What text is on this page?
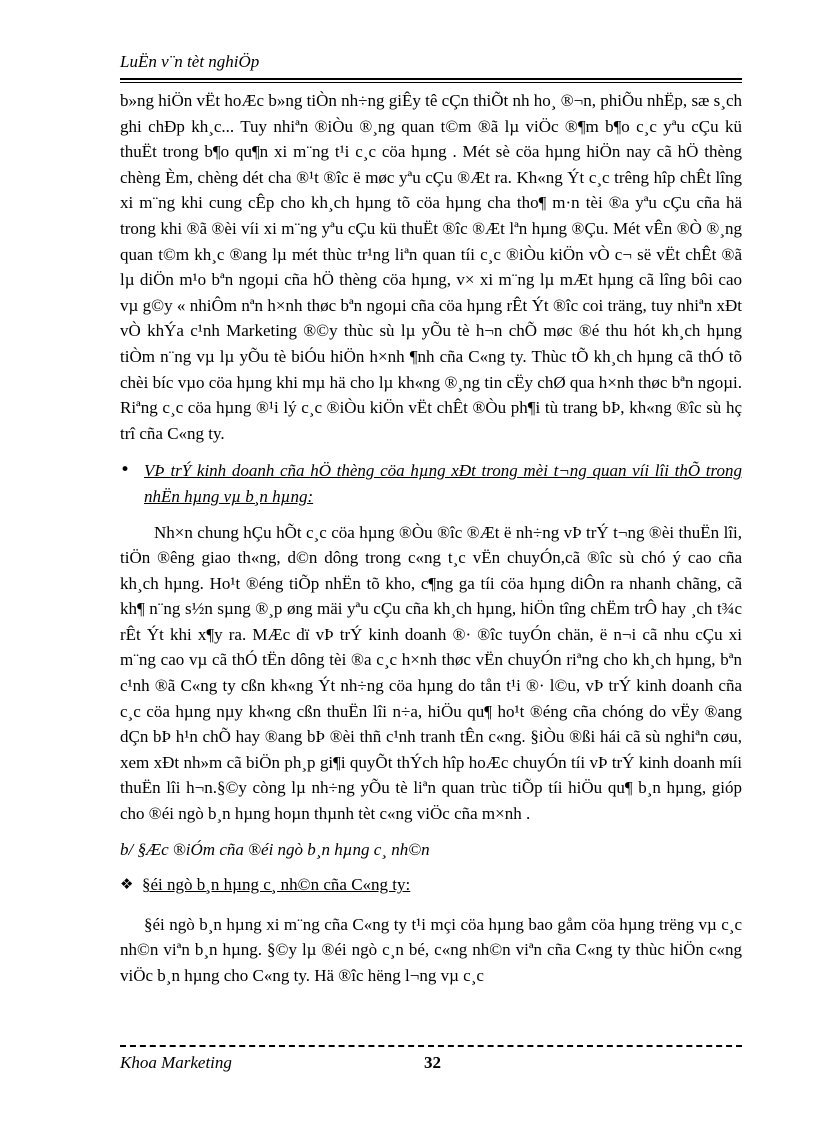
LuËn v¨n tèt nghiÖp

b»ng hiÖn vËt hoÆc b»ng tiÒn nh÷ng giÊy tê cÇn thiÕt nh ho¸ ®¬n, phiÕu nhËp, sæ s¸ch ghi chÐp kh¸c... Tuy nhiªn ®iÒu ®¸ng quan t©m ®ã lµ viÖc ®¶m b¶o c¸c yªu cÇu kü thuËt trong b¶o qu¶n xi m¨ng t¹i c¸c cöa hµng . Mét sè cöa hµng hiÖn nay cã hÖ thèng chèng Èm, chèng dét cha ®¹t ®îc ë møc yªu cÇu ®Æt ra. Kh«ng Ýt c¸c trêng hîp chÊt lîng xi m¨ng khi cung cÊp cho kh¸ch hµng tõ cöa hµng cha tho¶ m·n tèi ®a yªu cÇu cña hä trong khi ®ã ®èi víi xi m¨ng yªu cÇu kü thuËt ®îc ®Æt lªn hµng ®Çu. Mét vÊn ®Ò ®¸ng quan t©m kh¸c ®ang lµ mét thùc tr¹ng liªn quan tíi c¸c ®iÒu kiÖn vÒ c¬ së vËt chÊt ®ã lµ diÖn m¹o bªn ngoµi cña hÖ thèng cöa hµng, v× xi m¨ng lµ mÆt hµng cã lîng bôi cao vµ g©y « nhiÔm nªn h×nh thøc bªn ngoµi cña cöa hµng rÊt Ýt ®îc coi träng, tuy nhiªn xÐt vÒ khÝa c¹nh Marketing ®©y thùc sù lµ yÕu tè h¬n chÕ møc ®é thu hót kh¸ch hµng tiÒm n¨ng vµ lµ yÕu tè biÓu hiÖn h×nh ¶nh cña C«ng ty. Thùc tÕ kh¸ch hµng cã thÓ tõ chèi bíc vµo cöa hµng khi mµ hä cho lµ kh«ng ®¸ng tin cËy chØ qua h×nh thøc bªn ngoµi. Riªng c¸c cöa hµng ®¹i lý c¸c ®iÒu kiÖn vËt chÊt ®Òu ph¶i tù trang bÞ, kh«ng ®îc sù hç trî cña C«ng ty.

• VÞ trÝ kinh doanh cña hÖ thèng cöa hµng xÐt trong mèi t¬ng quan víi lîi thÕ trong nhËn hµng vµ b¸n hµng:

Nh×n chung hÇu hÕt c¸c cöa hµng ®Òu ®îc ®Æt ë nh÷ng vÞ trÝ t¬ng ®èi thuËn lîi, tiÖn ®êng giao th«ng, d©n dông trong c«ng t¸c vËn chuyÓn,cã ®îc sù chó ý cao cña kh¸ch hµng. Ho¹t ®éng tiÕp nhËn tõ kho, c¶ng ga tíi cöa hµng diÔn ra nhanh chãng, cã kh¶ n¨ng s½n sµng ®¸p øng mäi yªu cÇu cña kh¸ch hµng, hiÖn tîng chËm trÔ hay ¸ch t¾c rÊt Ýt khi x¶y ra. MÆc dï vÞ trÝ kinh doanh ®· ®îc tuyÓn chän, ë n¬i cã nhu cÇu xi m¨ng cao vµ cã thÓ tËn dông tèi ®a c¸c h×nh thøc vËn chuyÓn riªng cho kh¸ch hµng, bªn c¹nh ®ã C«ng ty cßn kh«ng Ýt nh÷ng cöa hµng do tån t¹i ®· l©u, vÞ trÝ kinh doanh cña c¸c cöa hµng nµy kh«ng cßn thuËn lîi n÷a, hiÖu qu¶ ho¹t ®éng cña chóng do vËy ®ang dÇn bÞ h¹n chÕ hay ®ang bÞ ®èi thñ c¹nh tranh tÊn c«ng. §iÒu ®ßi hái cã sù nghiªn cøu, xem xÐt nh»m cã biÖn ph¸p gi¶i quyÕt thÝch hîp hoÆc chuyÓn tíi vÞ trÝ kinh doanh míi thuËn lîi h¬n.§©y còng lµ nh÷ng yÕu tè liªn quan trùc tiÕp tíi hiÖu qu¶ b¸n hµng, gióp cho ®éi ngò b¸n hµng hoµn thµnh tèt c«ng viÖc cña m×nh .

b/ §Æc ®iÓm cña ®éi ngò b¸n hµng c¸ nh©n
❖ §éi ngò b¸n hµng c¸ nh©n cña C«ng ty:

§éi ngò b¸n hµng xi m¨ng cña C«ng ty t¹i mçi cöa hµng bao gåm cöa hµng trëng vµ c¸c nh©n viªn b¸n hµng. §©y lµ ®éi ngò c¸n bé, c«ng nh©n viªn cña C«ng ty thùc hiÖn c«ng viÖc b¸n hµng cho C«ng ty. Hä ®îc hëng l¬ng vµ c¸c

Khoa Marketing	32
